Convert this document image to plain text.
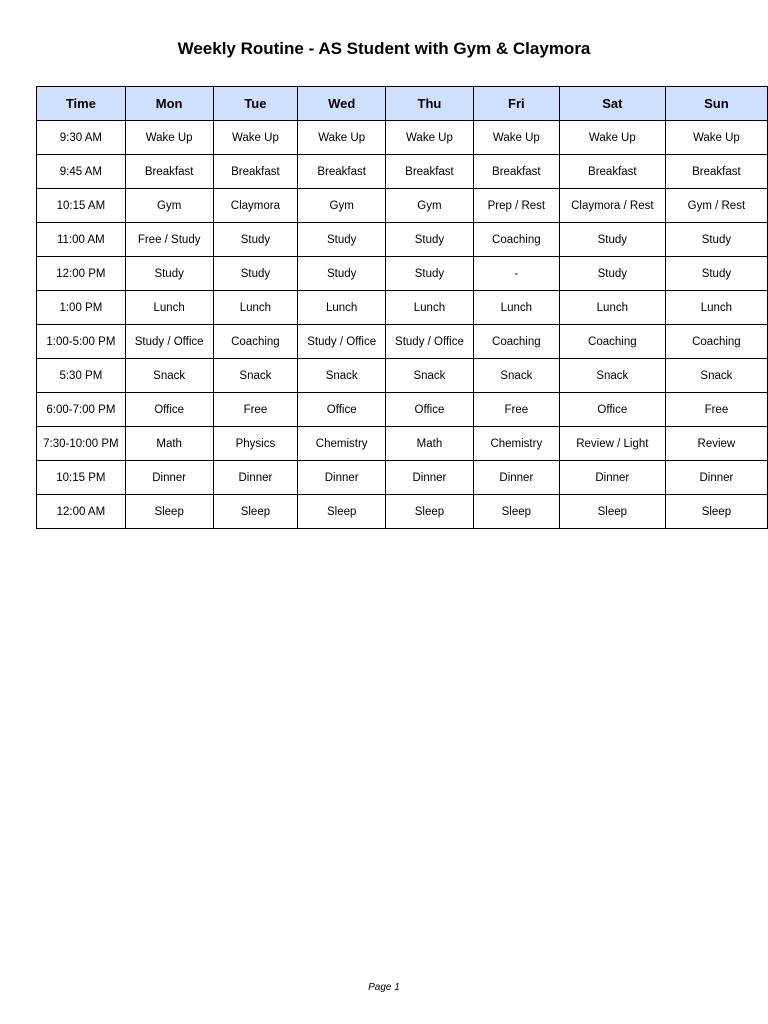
Weekly Routine - AS Student with Gym & Claymora
Time	Mon	Tue	Wed	Thu	Fri	Sat	Sun
9:30 AM	Wake Up	Wake Up	Wake Up	Wake Up	Wake Up	Wake Up	Wake Up
9:45 AM	Breakfast	Breakfast	Breakfast	Breakfast	Breakfast	Breakfast	Breakfast
10:15 AM	Gym	Claymora	Gym	Gym	Prep / Rest	Claymora / Rest	Gym / Rest
11:00 AM	Free / Study	Study	Study	Study	Coaching	Study	Study
12:00 PM	Study	Study	Study	Study	-	Study	Study
1:00 PM	Lunch	Lunch	Lunch	Lunch	Lunch	Lunch	Lunch
1:00-5:00 PM	Study / Office	Coaching	Study / Office	Study / Office	Coaching	Coaching	Coaching
5:30 PM	Snack	Snack	Snack	Snack	Snack	Snack	Snack
6:00-7:00 PM	Office	Free	Office	Office	Free	Office	Free
7:30-10:00 PM	Math	Physics	Chemistry	Math	Chemistry	Review / Light	Review
10:15 PM	Dinner	Dinner	Dinner	Dinner	Dinner	Dinner	Dinner
12:00 AM	Sleep	Sleep	Sleep	Sleep	Sleep	Sleep	Sleep
Page 1
